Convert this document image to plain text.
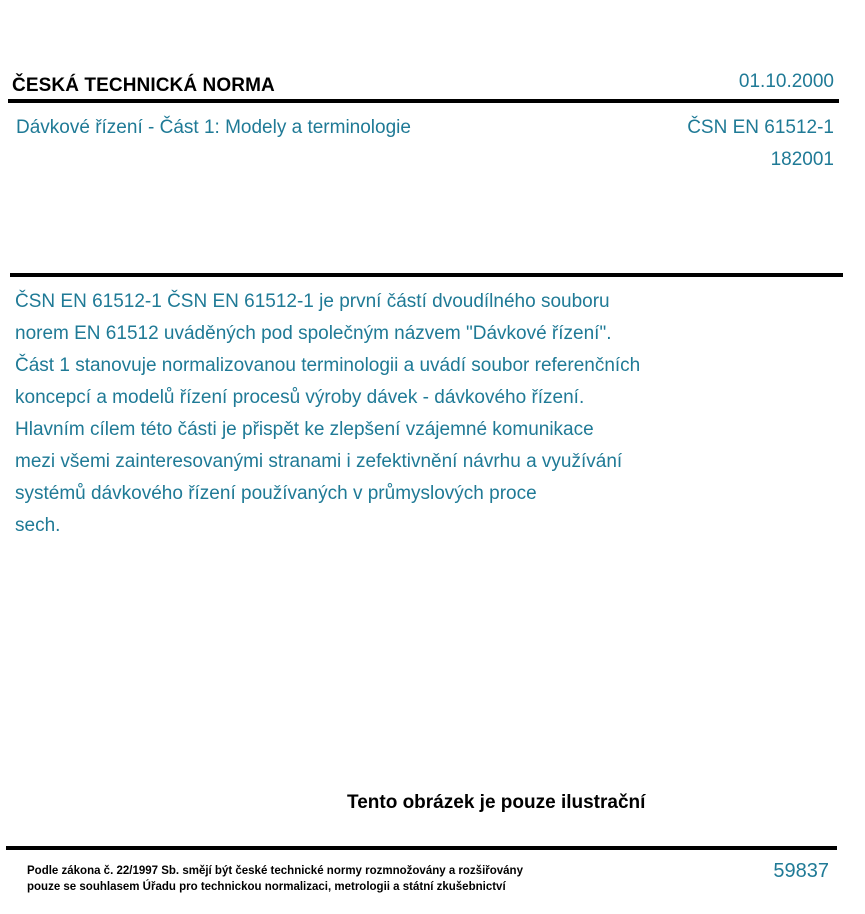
ČESKÁ TECHNICKÁ NORMA	01.10.2000
Dávkové řízení - Část 1: Modely a terminologie	ČSN EN 61512-1
182001
ČSN EN 61512-1 ČSN EN 61512-1 je první částí dvoudílného souboru
norem EN 61512 uváděných pod společným názvem "Dávkové řízení".
Část 1 stanovuje normalizovanou terminologii a uvádí soubor referenčních
koncepcí a modelů řízení procesů výroby dávek - dávkového řízení.
Hlavním cílem této části je přispět ke zlepšení vzájemné komunikace
mezi všemi zainteresovanými stranami i zefektivnění návrhu a využívání
systémů dávkového řízení používaných v průmyslových proce
sech.
Tento obrázek je pouze ilustrační
Podle zákona č. 22/1997 Sb. smějí být české technické normy rozmnožovány a rozšiřovány
pouze se souhlasem Úřadu pro technickou normalizaci, metrologii a státní zkušebnictví
59837
